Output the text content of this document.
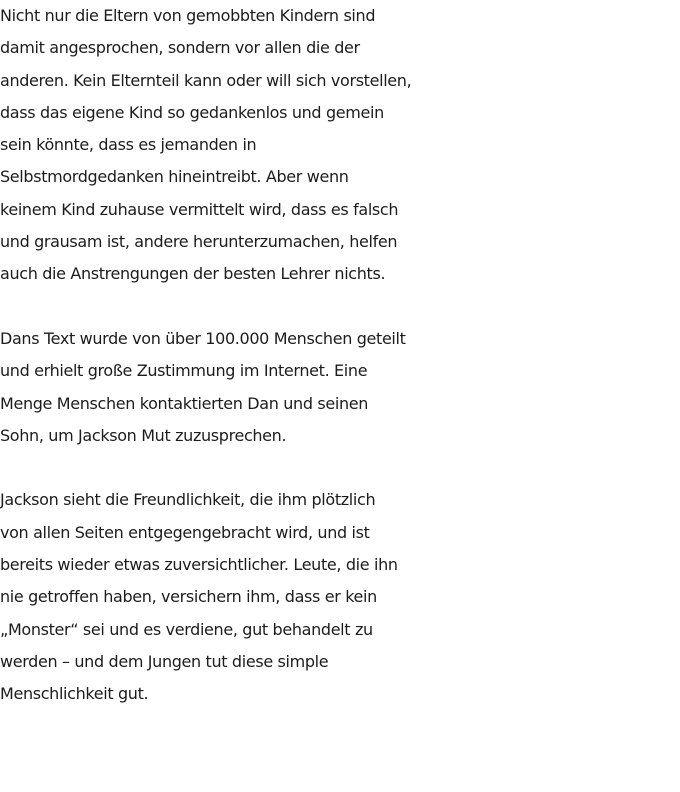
Nicht nur die Eltern von gemobbten Kindern sind
damit angesprochen, sondern vor allen die der
anderen. Kein Elternteil kann oder will sich vorstellen,
dass das eigene Kind so gedankenlos und gemein
sein könnte, dass es jemanden in
Selbstmordgedanken hineintreibt. Aber wenn
keinem Kind zuhause vermittelt wird, dass es falsch
und grausam ist, andere herunterzumachen, helfen
auch die Anstrengungen der besten Lehrer nichts.

Dans Text wurde von über 100.000 Menschen geteilt
und erhielt große Zustimmung im Internet. Eine
Menge Menschen kontaktierten Dan und seinen
Sohn, um Jackson Mut zuzusprechen.

Jackson sieht die Freundlichkeit, die ihm plötzlich
von allen Seiten entgegengebracht wird, und ist
bereits wieder etwas zuversichtlicher. Leute, die ihn
nie getroffen haben, versichern ihm, dass er kein
„Monster“ sei und es verdiene, gut behandelt zu
werden – und dem Jungen tut diese simple
Menschlichkeit gut.
